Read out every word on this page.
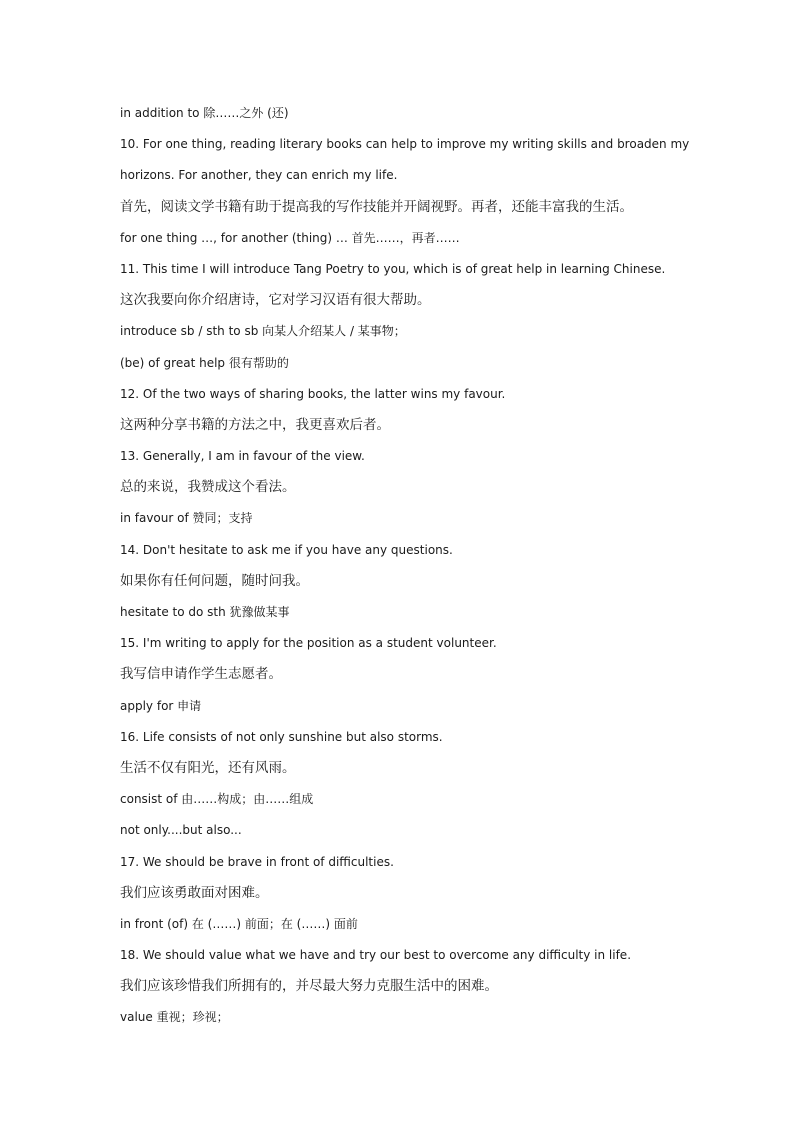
in addition to 除……之外 (还)
10. For one thing, reading literary books can help to improve my writing skills and broaden my
horizons. For another, they can enrich my life.
首先，阅读文学书籍有助于提高我的写作技能并开阔视野。再者，还能丰富我的生活。
for one thing …, for another (thing) … 首先……，再者……
11. This time I will introduce Tang Poetry to you, which is of great help in learning Chinese.
这次我要向你介绍唐诗，它对学习汉语有很大帮助。
introduce sb / sth to sb 向某人介绍某人 / 某事物；
(be) of great help 很有帮助的
12. Of the two ways of sharing books, the latter wins my favour.
这两种分享书籍的方法之中，我更喜欢后者。
13. Generally, I am in favour of the view.
总的来说，我赞成这个看法。
in favour of 赞同；支持
14. Don't hesitate to ask me if you have any questions.
如果你有任何问题，随时问我。
hesitate to do sth 犹豫做某事
15. I'm writing to apply for the position as a student volunteer.
我写信申请作学生志愿者。
apply for 申请
16. Life consists of not only sunshine but also storms.
生活不仅有阳光，还有风雨。
consist of 由……构成；由……组成
not only....but also...
17. We should be brave in front of difficulties.
我们应该勇敢面对困难。
in front (of) 在 (……) 前面；在 (……) 面前
18. We should value what we have and try our best to overcome any difficulty in life.
我们应该珍惜我们所拥有的，并尽最大努力克服生活中的困难。
value 重视；珍视；
